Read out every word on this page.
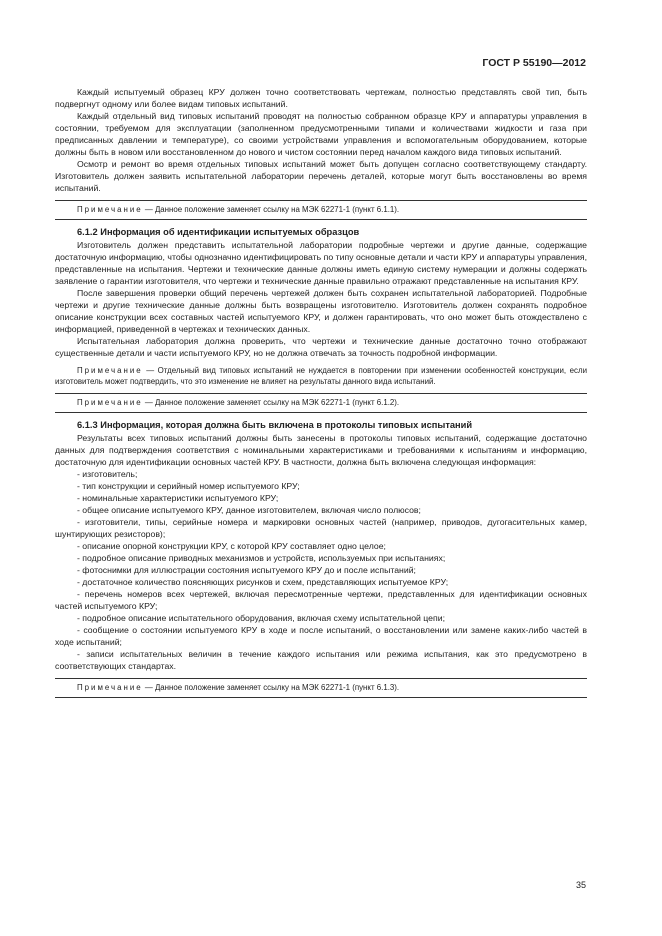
ГОСТ Р 55190—2012

Каждый испытуемый образец КРУ должен точно соответствовать чертежам, полностью представлять свой тип, быть подвергнут одному или более видам типовых испытаний.

Каждый отдельный вид типовых испытаний проводят на полностью собранном образце КРУ и аппаратуры управления в состоянии, требуемом для эксплуатации (заполненном предусмотренными типами и количествами жидкости и газа при предписанных давлении и температуре), со своими устройствами управления и вспомогательным оборудованием, которые должны быть в новом или восстановленном до нового и чистом состоянии перед началом каждого вида типовых испытаний.

Осмотр и ремонт во время отдельных типовых испытаний может быть допущен согласно соответствующему стандарту. Изготовитель должен заявить испытательной лаборатории перечень деталей, которые могут быть восстановлены во время испытаний.

Примечание — Данное положение заменяет ссылку на МЭК 62271-1 (пункт 6.1.1).
6.1.2 Информация об идентификации испытуемых образцов

Изготовитель должен представить испытательной лаборатории подробные чертежи и другие данные, содержащие достаточную информацию, чтобы однозначно идентифицировать по типу основные детали и части КРУ и аппаратуры управления, представленные на испытания. Чертежи и технические данные должны иметь единую систему нумерации и должны содержать заявление о гарантии изготовителя, что чертежи и технические данные правильно отражают представленные на испытания КРУ.

После завершения проверки общий перечень чертежей должен быть сохранен испытательной лабораторией. Подробные чертежи и другие технические данные должны быть возвращены изготовителю. Изготовитель должен сохранять подробное описание конструкции всех составных частей испытуемого КРУ, и должен гарантировать, что оно может быть отождествлено с информацией, приведенной в чертежах и технических данных.

Испытательная лаборатория должна проверить, что чертежи и технические данные достаточно точно отображают существенные детали и части испытуемого КРУ, но не должна отвечать за точность подробной информации.

Примечание — Отдельный вид типовых испытаний не нуждается в повторении при изменении особенностей конструкции, если изготовитель может подтвердить, что это изменение не влияет на результаты данного вида испытаний.
Примечание — Данное положение заменяет ссылку на МЭК 62271-1 (пункт 6.1.2).
6.1.3 Информация, которая должна быть включена в протоколы типовых испытаний

Результаты всех типовых испытаний должны быть занесены в протоколы типовых испытаний, содержащие достаточно данных для подтверждения соответствия с номинальными характеристиками и требованиями к испытаниям и информацию, достаточную для идентификации основных частей КРУ. В частности, должна быть включена следующая информация:

- изготовитель;

- тип конструкции и серийный номер испытуемого КРУ;

- номинальные характеристики испытуемого КРУ;

- общее описание испытуемого КРУ, данное изготовителем, включая число полюсов;

- изготовители, типы, серийные номера и маркировки основных частей (например, приводов, дугогасительных камер, шунтирующих резисторов);

- описание опорной конструкции КРУ, с которой КРУ составляет одно целое;

- подробное описание приводных механизмов и устройств, используемых при испытаниях;

- фотоснимки для иллюстрации состояния испытуемого КРУ до и после испытаний;

- достаточное количество поясняющих рисунков и схем, представляющих испытуемое КРУ;

- перечень номеров всех чертежей, включая пересмотренные чертежи, представленных для идентификации основных частей испытуемого КРУ;

- подробное описание испытательного оборудования, включая схему испытательной цепи;

- сообщение о состоянии испытуемого КРУ в ходе и после испытаний, о восстановлении или замене каких-либо частей в ходе испытаний;

- записи испытательных величин в течение каждого испытания или режима испытания, как это предусмотрено в соответствующих стандартах.

Примечание — Данное положение заменяет ссылку на МЭК 62271-1 (пункт 6.1.3).
35
